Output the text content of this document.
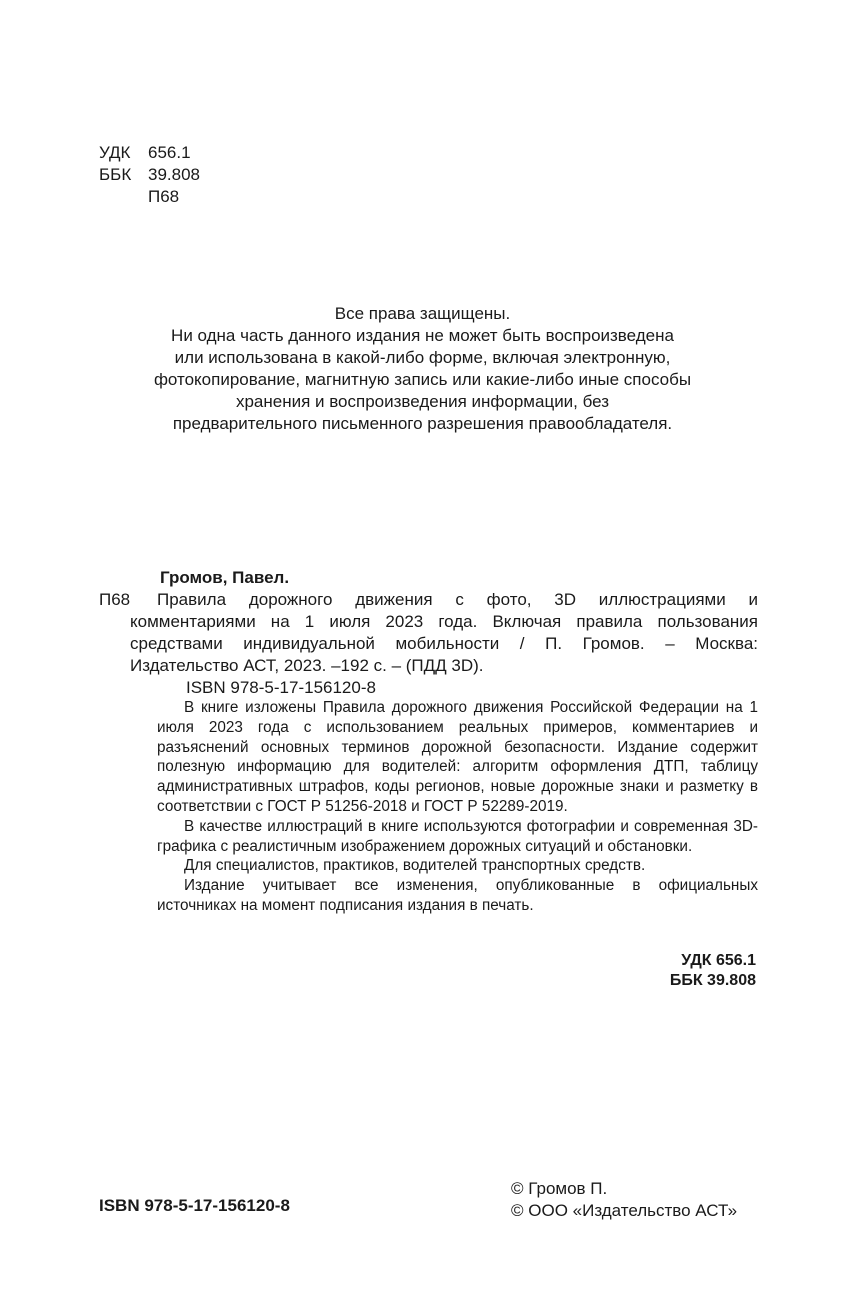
УДК	656.1
ББК 39.808
П68
Все права защищены.
Ни одна часть данного издания не может быть воспроизведена
или использована в какой-либо форме, включая электронную,
фотокопирование, магнитную запись или какие-либо иные способы
хранения и воспроизведения информации, без
предварительного письменного разрешения правообладателя.
Громов, Павел.
П68	Правила дорожного движения с фото, 3D иллюстрациями и комментариями на 1 июля 2023 года. Включая правила пользования средствами индивидуальной мобильности / П. Громов. – Москва: Издательство АСТ, 2023. –192 с. – (ПДД 3D).
ISBN 978-5-17-156120-8

В книге изложены Правила дорожного движения Российской Федерации на 1 июля 2023 года с использованием реальных примеров, комментариев и разъяснений основных терминов дорожной безопасности. Издание содержит полезную информацию для водителей: алгоритм оформления ДТП, таблицу административных штрафов, коды регионов, новые дорожные знаки и разметку в соответствии с ГОСТ Р 51256-2018 и ГОСТ Р 52289-2019.

В качестве иллюстраций в книге используются фотографии и современная 3D-графика с реалистичным изображением дорожных ситуаций и обстановки.

Для специалистов, практиков, водителей транспортных средств.

Издание учитывает все изменения, опубликованные в официальных источниках на момент подписания издания в печать.

УДК 656.1
ББК 39.808
ISBN 978-5-17-156120-8
© Громов П.
© ООО «Издательство АСТ»
